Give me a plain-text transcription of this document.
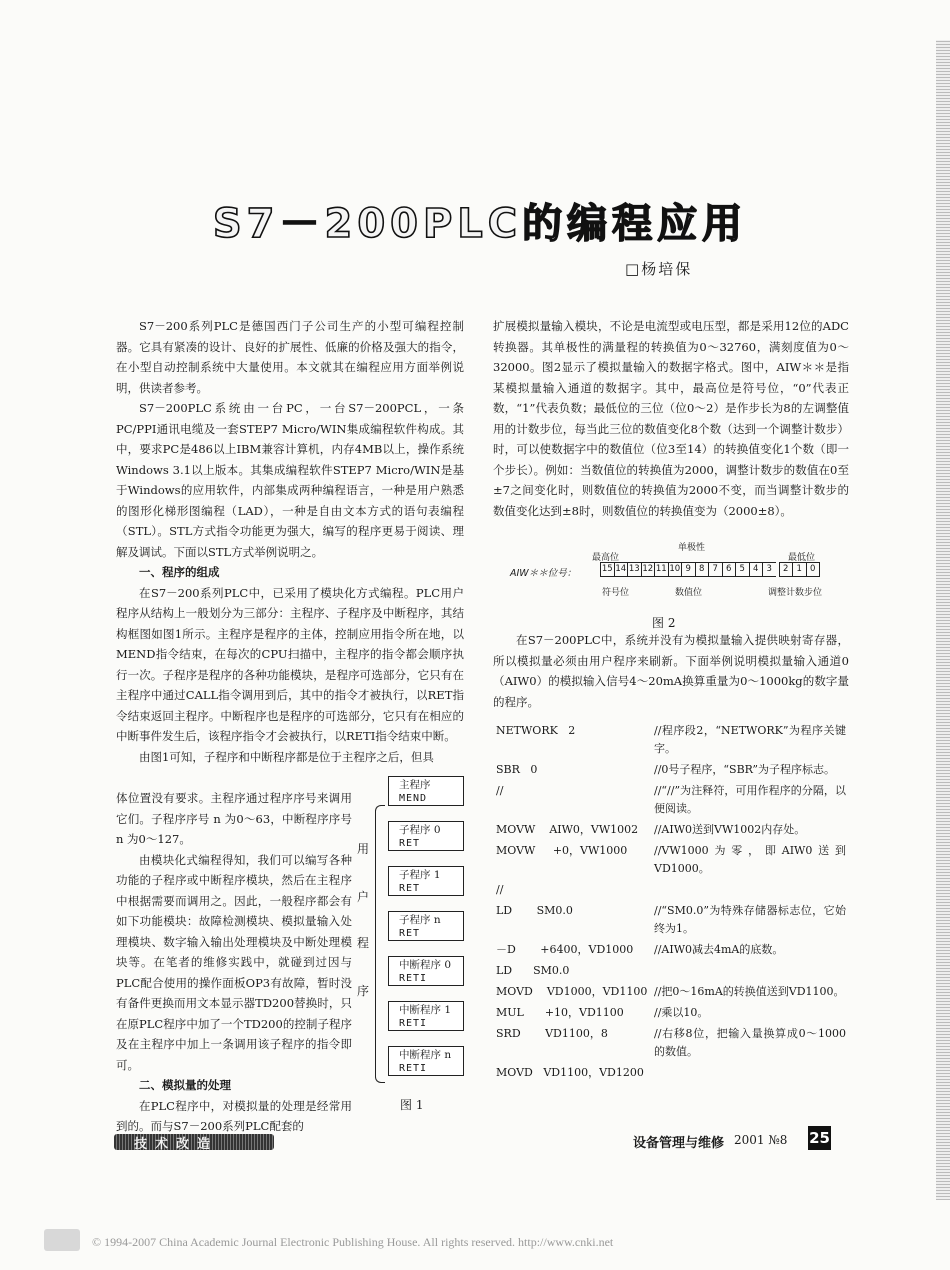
S7－200PLC的编程应用
□杨培保

S7－200系列PLC是德国西门子公司生产的小型可编程控制器。它具有紧凑的设计、良好的扩展性、低廉的价格及强大的指令，在小型自动控制系统中大量使用。本文就其在编程应用方面举例说明，供读者参考。

S7－200PLC系统由一台PC，一台S7－200PCL，一条PC/PPI通讯电缆及一套STEP7 Micro/WIN集成编程软件构成。其中，要求PC是486以上IBM兼容计算机，内存4MB以上，操作系统Windows 3.1以上版本。其集成编程软件STEP7 Micro/WIN是基于Windows的应用软件，内部集成两种编程语言，一种是用户熟悉的图形化梯形图编程（LAD），一种是自由文本方式的语句表编程（STL）。STL方式指令功能更为强大，编写的程序更易于阅读、理解及调试。下面以STL方式举例说明之。

一、程序的组成

在S7－200系列PLC中，已采用了模块化方式编程。PLC用户程序从结构上一般划分为三部分：主程序、子程序及中断程序，其结构框图如图1所示。主程序是程序的主体，控制应用指令所在地，以MEND指令结束，在每次的CPU扫描中，主程序的指令都会顺序执行一次。子程序是程序的各种功能模块，是程序可选部分，它只有在主程序中通过CALL指令调用到后，其中的指令才被执行，以RET指令结束返回主程序。中断程序也是程序的可选部分，它只有在相应的中断事件发生后，该程序指令才会被执行，以RETI指令结束中断。

由图1可知，子程序和中断程序都是位于主程序之后，但具

体位置没有要求。主程序通过程序序号来调用它们。子程序序号 n 为0～63，中断程序序号 n 为0～127。

由模块化式编程得知，我们可以编写各种功能的子程序或中断程序模块，然后在主程序中根据需要而调用之。因此，一般程序都会有如下功能模块：故障检测模块、模拟量输入处理模块、数字输入输出处理模块及中断处理模块等。在笔者的维修实践中，就碰到过因与PLC配合使用的操作面板OP3有故障，暂时没有备件更换而用文本显示器TD200替换时，只在原PLC程序中加了一个TD200的控制子程序及在主程序中加上一条调用该子程序的指令即可。

二、模拟量的处理

在PLC程序中，对模拟量的处理是经常用到的。而与S7－200系列PLC配套的

主程序
MEND
子程序 0
RET
子程序 1
RET
子程序 n
RET
中断程序 0
RETI
中断程序 1
RETI
中断程序 n
RETI
用
户
程
序
图 1

扩展模拟量输入模块，不论是电流型或电压型，都是采用12位的ADC转换器。其单极性的满量程的转换值为0～32760，满刻度值为0～32000。图2显示了模拟量输入的数据字格式。图中，AIW＊＊是指某模拟量输入通道的数据字。其中，最高位是符号位，“0”代表正数，“1”代表负数；最低位的三位（位0～2）是作步长为8的左调整值用的计数步位，每当此三位的数值变化8个数（达到一个调整计数步）时，可以使数据字中的数值位（位3至14）的转换值变化1个数（即一个步长）。例如：当数值位的转换值为2000，调整计数步的数值在0至±7之间变化时，则数值位的转换值为2000不变，而当调整计数步的数值变化达到±8时，则数值位的转换值变为（2000±8）。

最高位
单极性
最低位
AIW＊＊位号：	15 14 13 12 11 10 9 8 7 6 5 4 3	2 1 0
符号位	数值位	调整计数步位
图 2

在S7－200PLC中，系统并没有为模拟量输入提供映射寄存器，所以模拟量必须由用户程序来刷新。下面举例说明模拟量输入通道0（AIW0）的模拟输入信号4～20mA换算重量为0～1000kg的数字量的程序。

NETWORK   2	//程序段2，“NETWORK”为程序关键字。
SBR   0	//0号子程序，“SBR”为子程序标志。
//	//“//”为注释符，可用作程序的分隔，以便阅读。
MOVW    AIW0，VW1002	//AIW0送到VW1002内存处。
MOVW     +0，VW1000	//VW1000为零，即AIW0送到VD1000。
//
LD       SM0.0	//“SM0.0”为特殊存储器标志位，它始终为1。
－D       +6400，VD1000	//AIW0减去4mA的底数。
LD      SM0.0
MOVD    VD1000，VD1100 //把0～16mA的转换值送到VD1100。
MUL      +10，VD1100	//乘以10。
SRD       VD1100，8	//右移8位，把输入量换算成0～1000的数值。
MOVD   VD1100，VD1200
技术改造	设备管理与维修 2001 №8 25
© 1994-2007 China Academic Journal Electronic Publishing House. All rights reserved. http://www.cnki.net
